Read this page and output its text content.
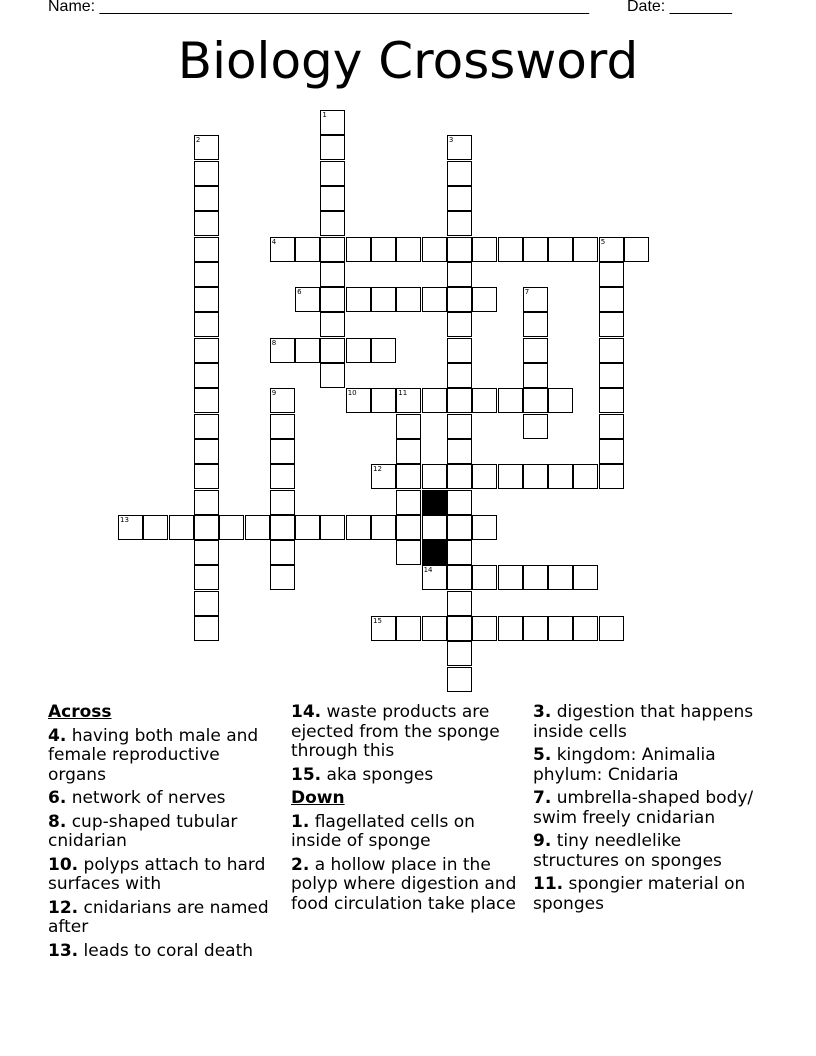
Name: _______________________________________________________ Date: _______
Biology Crossword
1
2	3
4	5
6	7
8
9	10	11
12
13
14
15
Across
4. having both male and female reproductive organs
6. network of nerves
8. cup-shaped tubular cnidarian
10. polyps attach to hard surfaces with
12. cnidarians are named after
13. leads to coral death
14. waste products are ejected from the sponge through this
15. aka sponges
Down
1. flagellated cells on inside of sponge
2. a hollow place in the polyp where digestion and food circulation take place
3. digestion that happens inside cells
5. kingdom: Animalia phylum: Cnidaria
7. umbrella-shaped body/ swim freely cnidarian
9. tiny needlelike structures on sponges
11. spongier material on sponges
